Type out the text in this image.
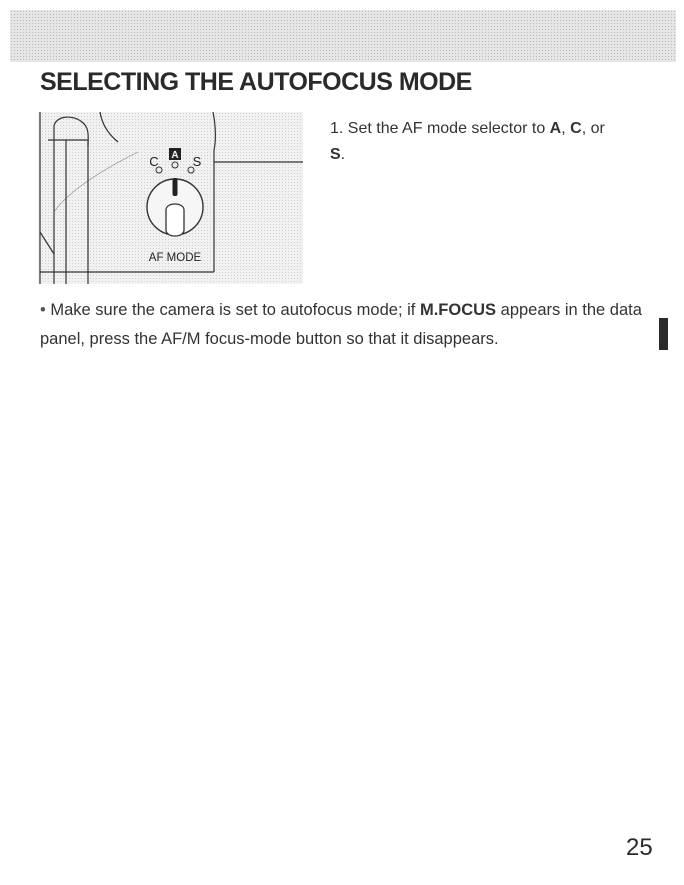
SELECTING THE AUTOFOCUS MODE
A
C	S
AF MODE

1. Set the AF mode selector to A, C, or
S.

• Make sure the camera is set to autofocus mode; if M.FOCUS appears in the data panel, press the AF/M focus-mode button so that it disappears.

25
